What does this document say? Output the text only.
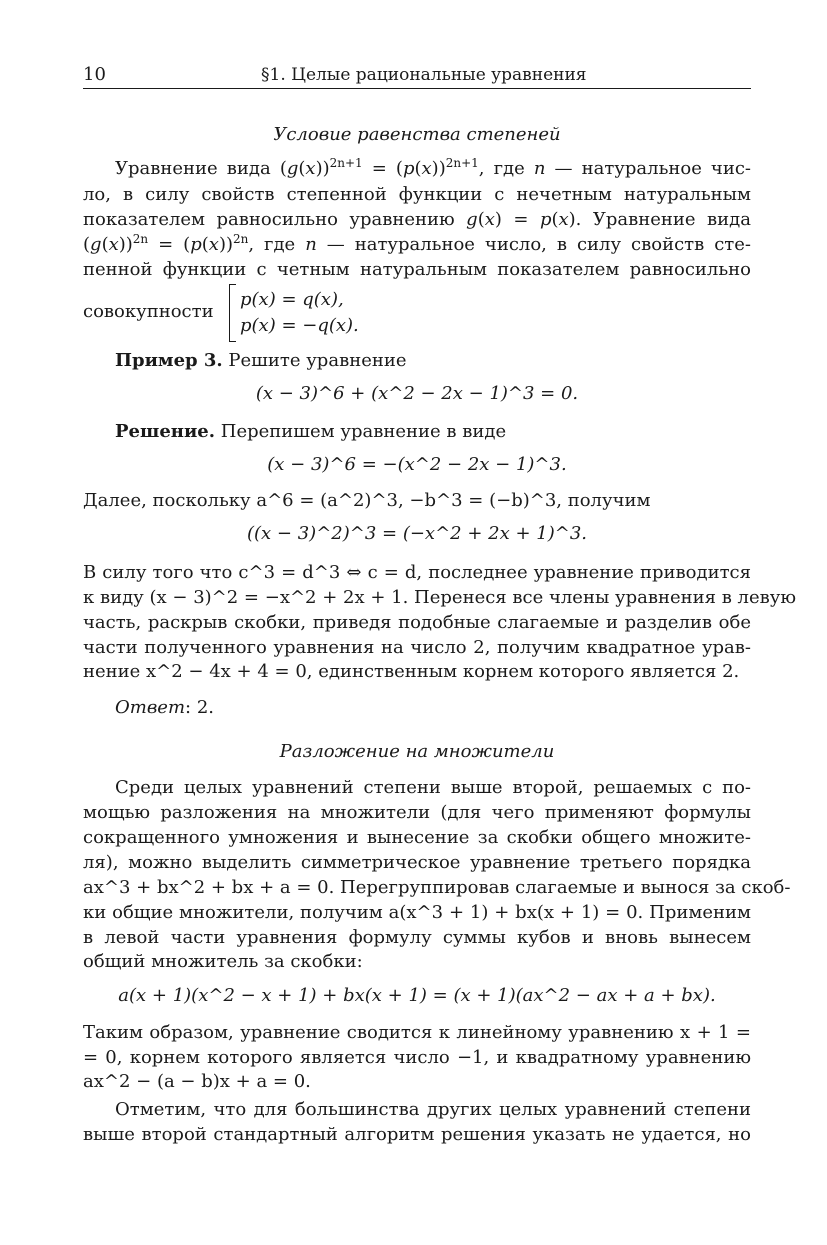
10	§1. Целые рациональные уравнения
Условие равенства степеней
Уравнение вида $(g(x))^{2n+1} = (p(x))^{2n+1}$, где n — натуральное чис-
ло, в силу свойств степенной функции с нечетным натуральным
показателем равносильно уравнению g(x) = p(x). Уравнение вида
$(g(x))^{2n} = (p(x))^{2n}$, где n — натуральное число, в силу свойств сте-
пенной функции с четным натуральным показателем равносильно
совокупности
p(x) = q(x),
p(x) = −q(x).
Пример 3. Решите уравнение
(x − 3)^6 + (x^2 − 2x − 1)^3 = 0.
Решение. Перепишем уравнение в виде
(x − 3)^6 = −(x^2 − 2x − 1)^3.
Далее, поскольку a^6 = (a^2)^3, −b^3 = (−b)^3, получим
((x − 3)^2)^3 = (−x^2 + 2x + 1)^3.
В силу того что c^3 = d^3 ⇔ c = d, последнее уравнение приводится
к виду (x − 3)^2 = −x^2 + 2x + 1. Перенеся все члены уравнения в левую
часть, раскрыв скобки, приведя подобные слагаемые и разделив обе
части полученного уравнения на число 2, получим квадратное урав-
нение x^2 − 4x + 4 = 0, единственным корнем которого является 2.
Ответ: 2.
Разложение на множители
Среди целых уравнений степени выше второй, решаемых с по-
мощью разложения на множители (для чего применяют формулы
сокращенного умножения и вынесение за скобки общего множите-
ля), можно выделить симметрическое уравнение третьего порядка
ax^3 + bx^2 + bx + a = 0. Перегруппировав слагаемые и вынося за скоб-
ки общие множители, получим a(x^3 + 1) + bx(x + 1) = 0. Применим
в левой части уравнения формулу суммы кубов и вновь вынесем
общий множитель за скобки:
a(x + 1)(x^2 − x + 1) + bx(x + 1) = (x + 1)(ax^2 − ax + a + bx).
Таким образом, уравнение сводится к линейному уравнению x + 1 =
= 0, корнем которого является число −1, и квадратному уравнению
ax^2 − (a − b)x + a = 0.
Отметим, что для большинства других целых уравнений степени
выше второй стандартный алгоритм решения указать не удается, но
